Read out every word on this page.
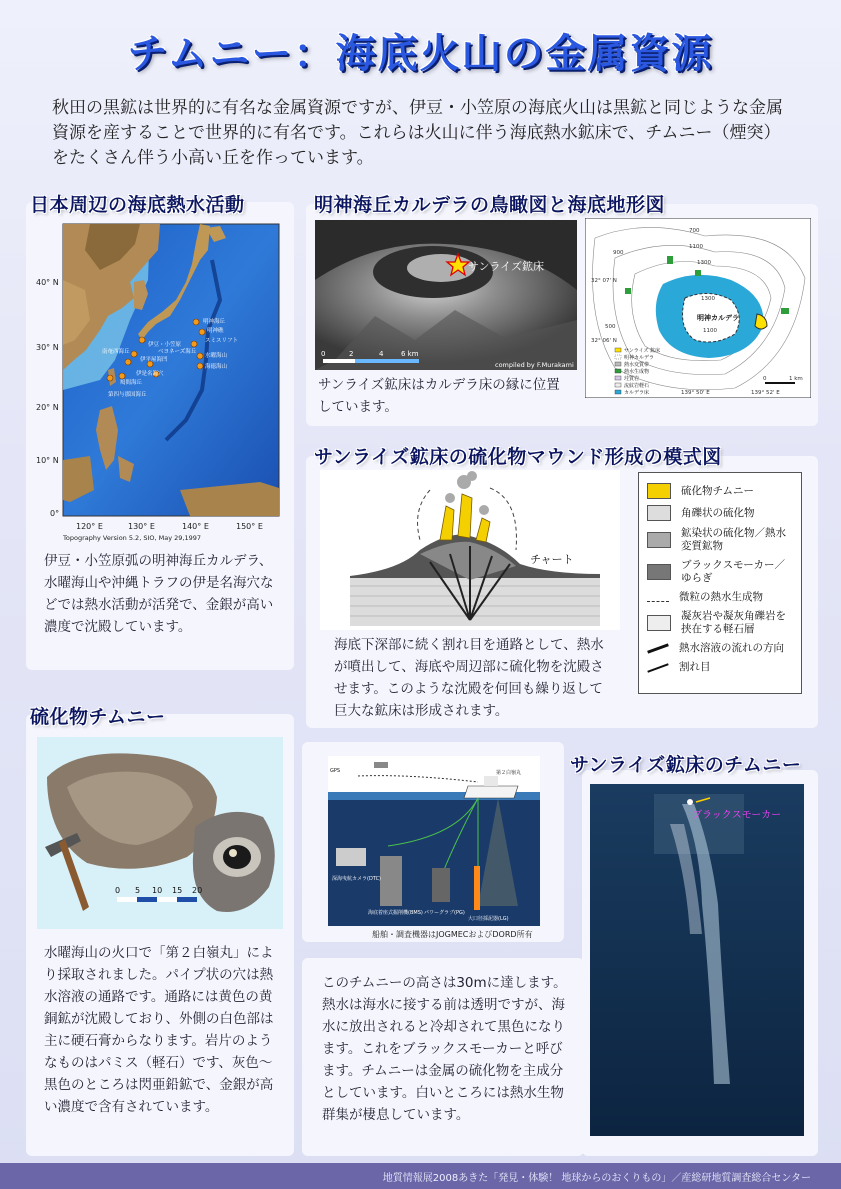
チムニー：海底火山の金属資源
秋田の黒鉱は世界的に有名な金属資源ですが、伊豆・小笠原の海底火山は黒鉱と同じような金属資源を産することで世界的に有名です。これらは火山に伴う海底熱水鉱床で、チムニー（煙突）をたくさん伴う小高い丘を作っています。
日本周辺の海底熱水活動
40° N
30° N
20° N
10° N
0°
120° E	130° E	140° E	150° E
明神海丘
明神礁
スミスリフト
水曜海山
海徳海山
伊豆・小笠原
ベヨネーズ海丘
南奄西海丘
伊平屋海凹
伊是名海穴
鳩間海丘
第四与那国海丘
Topography Version 5.2, SIO, May 29,1997
伊豆・小笠原弧の明神海丘カルデラ、水曜海山や沖縄トラフの伊是名海穴などでは熱水活動が活発で、金銀が高い濃度で沈殿しています。
明神海丘カルデラの鳥瞰図と海底地形図
サンライズ鉱床
0	2	4	6 km
compiled by F.Murakami
サンライズ鉱床はカルデラ床の縁に位置しています。
明神カルデラ
700
900
1100
1300
500
1300
1100
32° 07' N
32° 06' N
139° 50' E	139° 52' E
0	1 km
サンライズ 鉱床
明神カルデラ
熱水変質帯
熱水生成物
珪質岩
流紋岩軽石
カルデラ床
サンライズ鉱床の硫化物マウンド形成の模式図
チャート
海底下深部に続く割れ目を通路として、熱水が噴出して、海底や周辺部に硫化物を沈殿させます。このような沈殿を何回も繰り返して巨大な鉱床は形成されます。
硫化物チムニー
角礫状の硫化物
鉱染状の硫化物／熱水変質鉱物
ブラックスモーカー／ゆらぎ
微粒の熱水生成物
凝灰岩や凝灰角礫岩を挟在する軽石層
熱水溶液の流れの方向
割れ目
硫化物チムニー
0 5 10 15 20
水曜海山の火口で「第２白嶺丸」により採取されました。パイプ状の穴は熱水溶液の通路です。通路には黄色の黄銅鉱が沈殿しており、外側の白色部は主に硬石膏からなります。岩片のようなものはパミス（軽石）です、灰色～黒色のところは閃亜鉛鉱で、金銀が高い濃度で含有されています。
GPS	第２白嶺丸
海底着座式掘削機(BMS) パワーグラブ(PG)
大口径採泥器(LG)
深海曳航カメラ(DTC)
船舶・調査機器はJOGMECおよびDORD所有
このチムニーの高さは30mに達します。熱水は海水に接する前は透明ですが、海水に放出されると冷却されて黒色になります。これをブラックスモーカーと呼びます。チムニーは金属の硫化物を主成分としています。白いところには熱水生物群集が棲息しています。
サンライズ鉱床のチムニー
ブラックスモーカー
地質情報展2008あきた「発見・体験！ 地球からのおくりもの」／産総研地質調査総合センター
